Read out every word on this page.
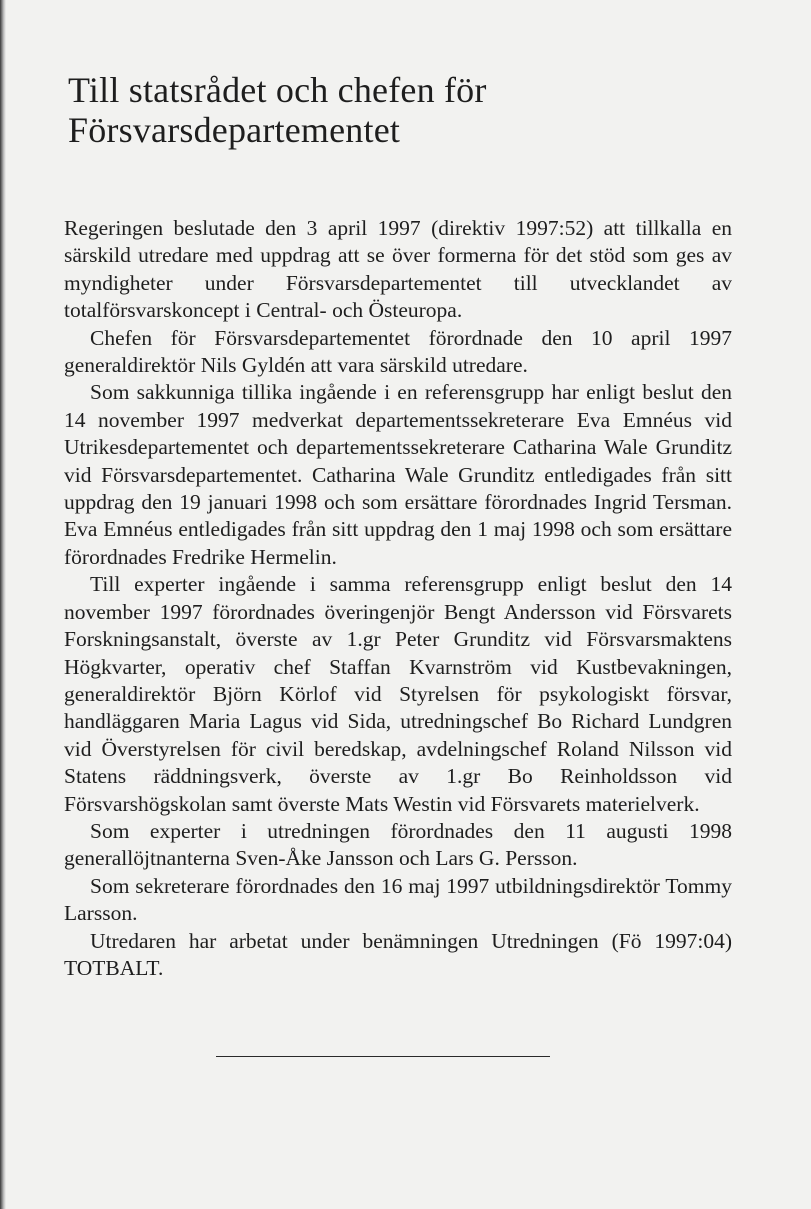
Till statsrådet och chefen för
Försvarsdepartementet

Regeringen beslutade den 3 april 1997 (direktiv 1997:52) att tillkalla en särskild utredare med uppdrag att se över formerna för det stöd som ges av myndigheter under Försvarsdepartementet till utvecklandet av totalförsvarskoncept i Central- och Östeuropa.

Chefen för Försvarsdepartementet förordnade den 10 april 1997 generaldirektör Nils Gyldén att vara särskild utredare.

Som sakkunniga tillika ingående i en referensgrupp har enligt beslut den 14 november 1997 medverkat departementssekreterare Eva Emnéus vid Utrikesdepartementet och departementssekreterare Catharina Wale Grunditz vid Försvarsdepartementet. Catharina Wale Grunditz entledigades från sitt uppdrag den 19 januari 1998 och som ersättare förordnades Ingrid Tersman. Eva Emnéus entledigades från sitt uppdrag den 1 maj 1998 och som ersättare förordnades Fredrike Hermelin.

Till experter ingående i samma referensgrupp enligt beslut den 14 november 1997 förordnades överingenjör Bengt Andersson vid Försvarets Forskningsanstalt, överste av 1.gr Peter Grunditz vid Försvarsmaktens Högkvarter, operativ chef Staffan Kvarnström vid Kustbevakningen, generaldirektör Björn Körlof vid Styrelsen för psykologiskt försvar, handläggaren Maria Lagus vid Sida, utredningschef Bo Richard Lundgren vid Överstyrelsen för civil beredskap, avdelningschef Roland Nilsson vid Statens räddningsverk, överste av 1.gr Bo Reinholdsson vid Försvarshögskolan samt överste Mats Westin vid Försvarets materielverk.

Som experter i utredningen förordnades den 11 augusti 1998 generallöjtnanterna Sven-Åke Jansson och Lars G. Persson.

Som sekreterare förordnades den 16 maj 1997 utbildningsdirektör Tommy Larsson.

Utredaren har arbetat under benämningen Utredningen (Fö 1997:04) TOTBALT.
